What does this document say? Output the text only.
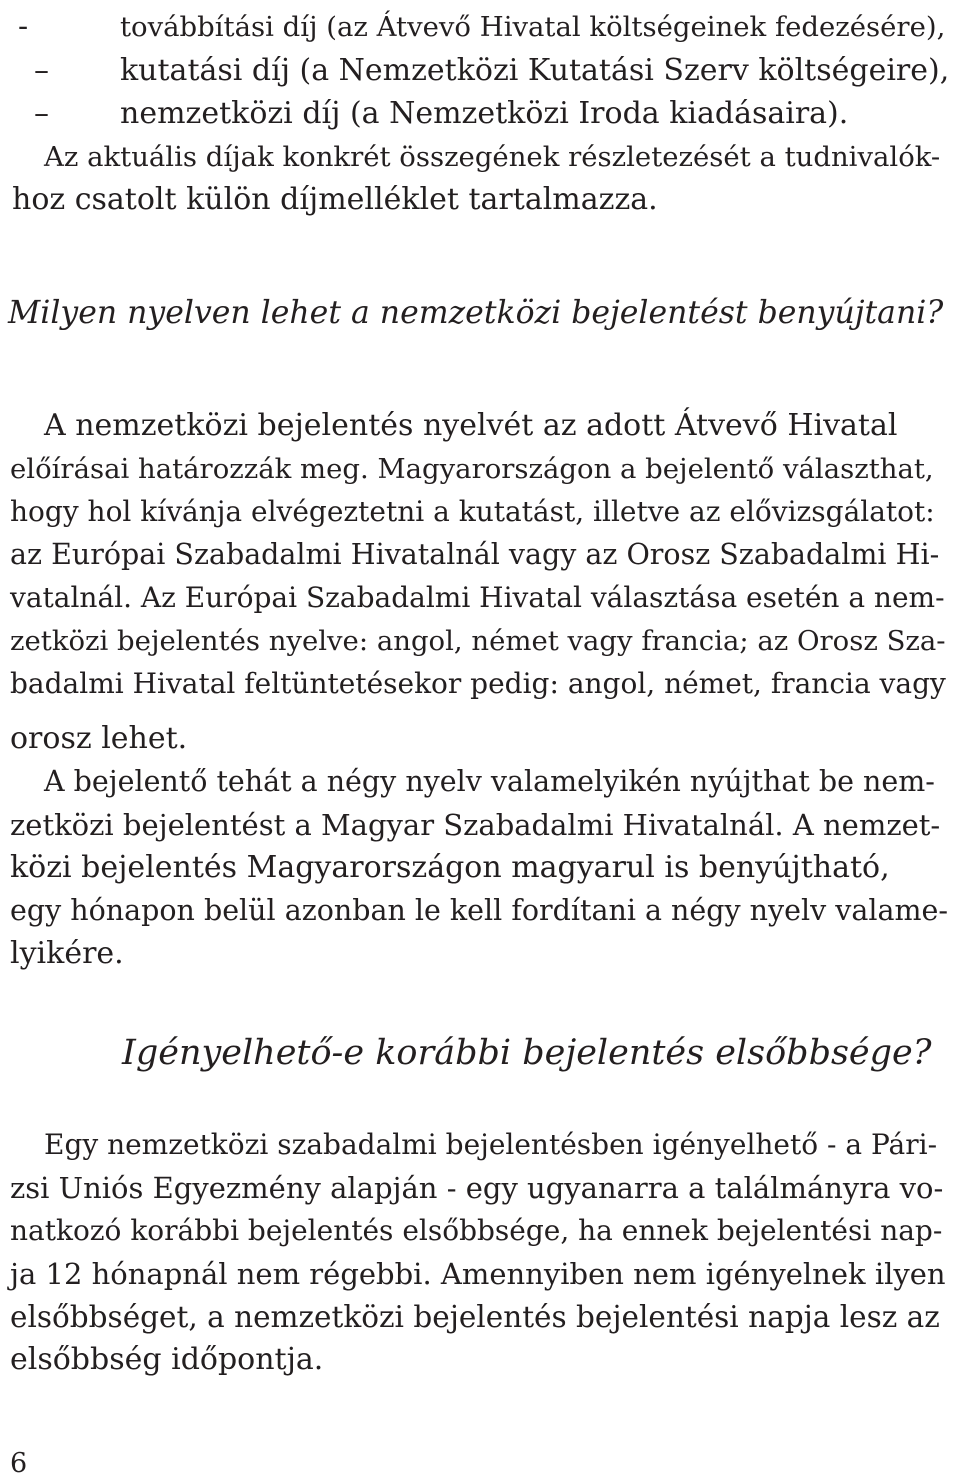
-	továbbítási díj (az Átvevő Hivatal költségeinek fedezésére),
– kutatási díj (a Nemzetközi Kutatási Szerv költségeire),
– nemzetközi díj (a Nemzetközi Iroda kiadásaira).
Az aktuális díjak konkrét összegének részletezését a tudnivalók-
hoz csatolt külön díjmelléklet tartalmazza.
Milyen nyelven lehet a nemzetközi bejelentést benyújtani?
A nemzetközi bejelentés nyelvét az adott Átvevő Hivatal
előírásai határozzák meg. Magyarországon a bejelentő választhat,
hogy hol kívánja elvégeztetni a kutatást, illetve az elővizsgálatot:
az Európai Szabadalmi Hivatalnál vagy az Orosz Szabadalmi Hi-
vatalnál. Az Európai Szabadalmi Hivatal választása esetén a nem-
zetközi bejelentés nyelve: angol, német vagy francia; az Orosz Sza-
badalmi Hivatal feltüntetésekor pedig: angol, német, francia vagy
orosz lehet.
A bejelentő tehát a négy nyelv valamelyikén nyújthat be nem-
zetközi bejelentést a Magyar Szabadalmi Hivatalnál. A nemzet-
közi bejelentés Magyarországon magyarul is benyújtható,
egy hónapon belül azonban le kell fordítani a négy nyelv valame-
lyikére.
Igényelhető-e korábbi bejelentés elsőbbsége?
Egy nemzetközi szabadalmi bejelentésben igényelhető - a Pári-
zsi Uniós Egyezmény alapján - egy ugyanarra a találmányra vo-
natkozó korábbi bejelentés elsőbbsége, ha ennek bejelentési nap-
ja 12 hónapnál nem régebbi. Amennyiben nem igényelnek ilyen
elsőbbséget, a nemzetközi bejelentés bejelentési napja lesz az
elsőbbség időpontja.
6
